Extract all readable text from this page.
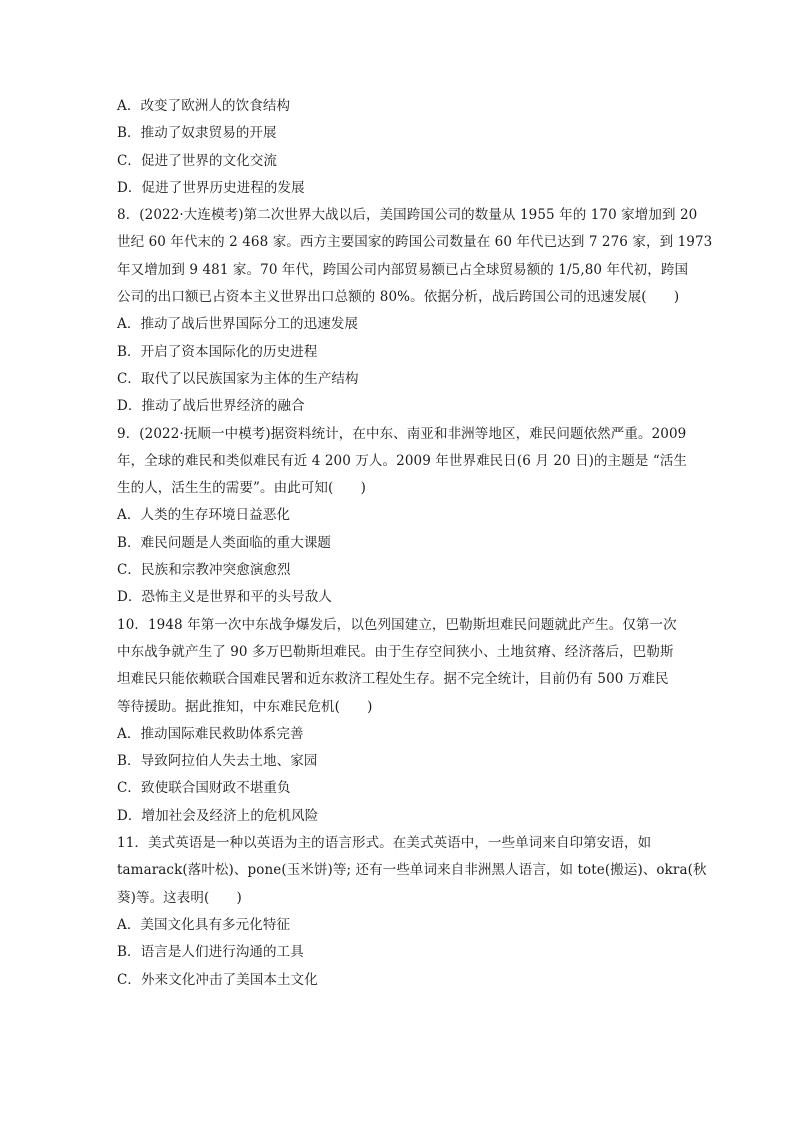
A．改变了欧洲人的饮食结构
B．推动了奴隶贸易的开展
C．促进了世界的文化交流
D．促进了世界历史进程的发展
8．(2022·大连模考)第二次世界大战以后，美国跨国公司的数量从 1955 年的 170 家增加到 20
世纪 60 年代末的 2 468 家。西方主要国家的跨国公司数量在 60 年代已达到 7 276 家，到 1973
年又增加到 9 481 家。70 年代，跨国公司内部贸易额已占全球贸易额的 1/5,80 年代初，跨国
公司的出口额已占资本主义世界出口总额的 80%。依据分析，战后跨国公司的迅速发展(　　)
A．推动了战后世界国际分工的迅速发展
B．开启了资本国际化的历史进程
C．取代了以民族国家为主体的生产结构
D．推动了战后世界经济的融合
9．(2022·抚顺一中模考)据资料统计，在中东、南亚和非洲等地区，难民问题依然严重。2009
年，全球的难民和类似难民有近 4 200 万人。2009 年世界难民日(6 月 20 日)的主题是 “活生
生的人，活生生的需要”。由此可知(　　)
A．人类的生存环境日益恶化
B．难民问题是人类面临的重大课题
C．民族和宗教冲突愈演愈烈
D．恐怖主义是世界和平的头号敌人
10．1948 年第一次中东战争爆发后，以色列国建立，巴勒斯坦难民问题就此产生。仅第一次
中东战争就产生了 90 多万巴勒斯坦难民。由于生存空间狭小、土地贫瘠、经济落后，巴勒斯
坦难民只能依赖联合国难民署和近东救济工程处生存。据不完全统计，目前仍有 500 万难民
等待援助。据此推知，中东难民危机(　　)
A．推动国际难民救助体系完善
B．导致阿拉伯人失去土地、家园
C．致使联合国财政不堪重负
D．增加社会及经济上的危机风险
11．美式英语是一种以英语为主的语言形式。在美式英语中，一些单词来自印第安语，如
tamarack(落叶松)、pone(玉米饼)等; 还有一些单词来自非洲黑人语言，如 tote(搬运)、okra(秋
葵)等。这表明(　　)
A．美国文化具有多元化特征
B．语言是人们进行沟通的工具
C．外来文化冲击了美国本土文化
